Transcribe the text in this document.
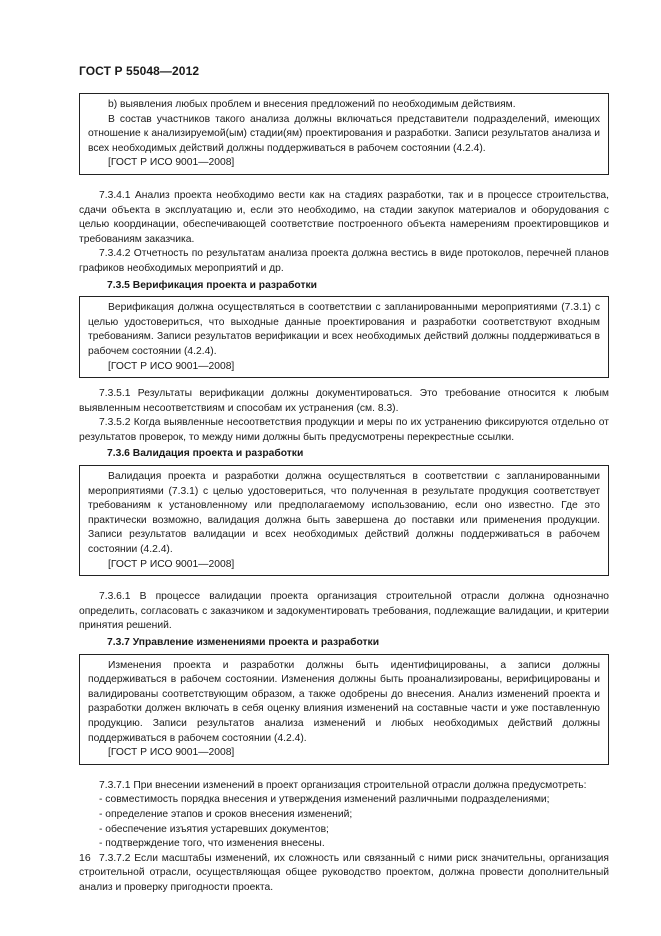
ГОСТ Р 55048—2012

b) выявления любых проблем и внесения предложений по необходимым действиям.

В состав участников такого анализа должны включаться представители подразделений, имеющих отношение к анализируемой(ым) стадии(ям) проектирования и разработки. Записи результатов анализа и всех необходимых действий должны поддерживаться в рабочем состоянии (4.2.4).

[ГОСТ Р ИСО 9001—2008]

7.3.4.1 Анализ проекта необходимо вести как на стадиях разработки, так и в процессе строительства, сдачи объекта в эксплуатацию и, если это необходимо, на стадии закупок материалов и оборудования с целью координации, обеспечивающей соответствие построенного объекта намерениям проектировщиков и требованиям заказчика.

7.3.4.2 Отчетность по результатам анализа проекта должна вестись в виде протоколов, перечней планов графиков необходимых мероприятий и др.

7.3.5 Верификация проекта и разработки

Верификация должна осуществляться в соответствии с запланированными мероприятиями (7.3.1) с целью удостовериться, что выходные данные проектирования и разработки соответствуют входным требованиям. Записи результатов верификации и всех необходимых действий должны поддерживаться в рабочем состоянии (4.2.4).

[ГОСТ Р ИСО 9001—2008]

7.3.5.1 Результаты верификации должны документироваться. Это требование относится к любым выявленным несоответствиям и способам их устранения (см. 8.3).

7.3.5.2 Когда выявленные несоответствия продукции и меры по их устранению фиксируются отдельно от результатов проверок, то между ними должны быть предусмотрены перекрестные ссылки.

7.3.6 Валидация проекта и разработки

Валидация проекта и разработки должна осуществляться в соответствии с запланированными мероприятиями (7.3.1) с целью удостовериться, что полученная в результате продукция соответствует требованиям к установленному или предполагаемому использованию, если оно известно. Где это практически возможно, валидация должна быть завершена до поставки или применения продукции. Записи результатов валидации и всех необходимых действий должны поддерживаться в рабочем состоянии (4.2.4).

[ГОСТ Р ИСО 9001—2008]

7.3.6.1 В процессе валидации проекта организация строительной отрасли должна однозначно определить, согласовать с заказчиком и задокументировать требования, подлежащие валидации, и критерии принятия решений.

7.3.7 Управление изменениями проекта и разработки

Изменения проекта и разработки должны быть идентифицированы, а записи должны поддерживаться в рабочем состоянии. Изменения должны быть проанализированы, верифицированы и валидированы соответствующим образом, а также одобрены до внесения. Анализ изменений проекта и разработки должен включать в себя оценку влияния изменений на составные части и уже поставленную продукцию. Записи результатов анализа изменений и любых необходимых действий должны поддерживаться в рабочем состоянии (4.2.4).

[ГОСТ Р ИСО 9001—2008]

7.3.7.1 При внесении изменений в проект организация строительной отрасли должна предусмотреть:

- совместимость порядка внесения и утверждения изменений различными подразделениями;
- определение этапов и сроков внесения изменений;
- обеспечение изъятия устаревших документов;
- подтверждение того, что изменения внесены.

7.3.7.2 Если масштабы изменений, их сложность или связанный с ними риск значительны, организация строительной отрасли, осуществляющая общее руководство проектом, должна провести дополнительный анализ и проверку пригодности проекта.

16
